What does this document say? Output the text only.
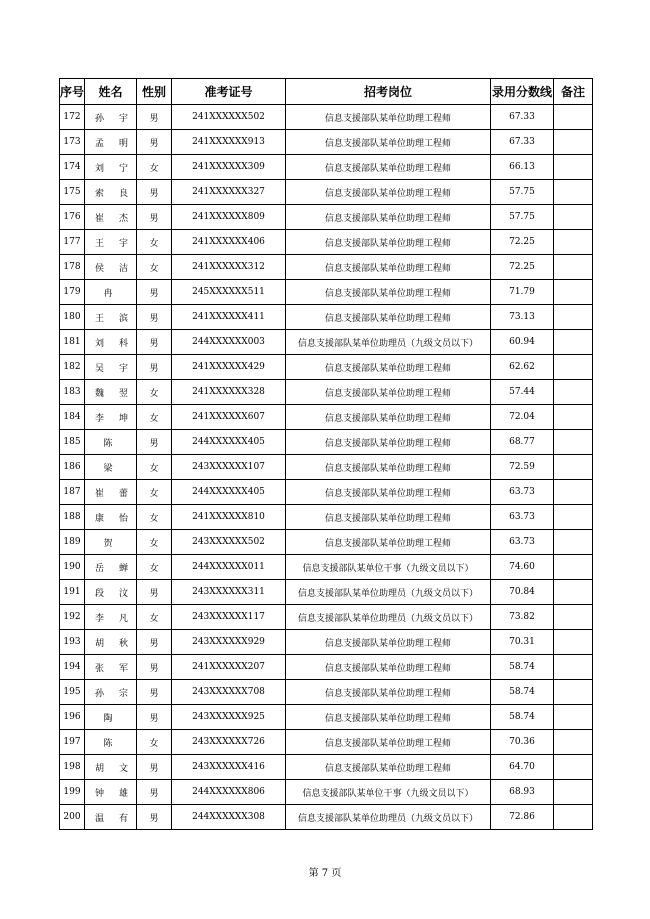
序号	姓名	性别	准考证号	招考岗位	录用分数线	备注
172	孙宇	男	241XXXXXX502	信息支援部队某单位助理工程师	67.33	
173	孟明	男	241XXXXXX913	信息支援部队某单位助理工程师	67.33	
174	刘宁	女	241XXXXXX309	信息支援部队某单位助理工程师	66.13	
175	索良	男	241XXXXXX327	信息支援部队某单位助理工程师	57.75	
176	崔杰	男	241XXXXXX809	信息支援部队某单位助理工程师	57.75	
177	王宇	女	241XXXXXX406	信息支援部队某单位助理工程师	72.25	
178	侯洁	女	241XXXXXX312	信息支援部队某单位助理工程师	72.25	
179	冉	男	245XXXXXX511	信息支援部队某单位助理工程师	71.79	
180	王滨	男	241XXXXXX411	信息支援部队某单位助理工程师	73.13	
181	刘科	男	244XXXXXX003	信息支援部队某单位助理员（九级文员以下）	60.94	
182	吴宇	男	241XXXXXX429	信息支援部队某单位助理工程师	62.62	
183	魏翌	女	241XXXXXX328	信息支援部队某单位助理工程师	57.44	
184	李坤	女	241XXXXXX607	信息支援部队某单位助理工程师	72.04	
185	陈	男	244XXXXXX405	信息支援部队某单位助理工程师	68.77	
186	梁	女	243XXXXXX107	信息支援部队某单位助理工程师	72.59	
187	崔蕾	女	244XXXXXX405	信息支援部队某单位助理工程师	63.73	
188	康怡	女	241XXXXXX810	信息支援部队某单位助理工程师	63.73	
189	贺	女	243XXXXXX502	信息支援部队某单位助理工程师	63.73	
190	岳蝉	女	244XXXXXX011	信息支援部队某单位干事（九级文员以下）	74.60	
191	段汶	男	243XXXXXX311	信息支援部队某单位助理员（九级文员以下）	70.84	
192	李凡	女	243XXXXXX117	信息支援部队某单位助理员（九级文员以下）	73.82	
193	胡秋	男	243XXXXXX929	信息支援部队某单位助理工程师	70.31	
194	张军	男	241XXXXXX207	信息支援部队某单位助理工程师	58.74	
195	孙宗	男	243XXXXXX708	信息支援部队某单位助理工程师	58.74	
196	陶	男	243XXXXXX925	信息支援部队某单位助理工程师	58.74	
197	陈	女	243XXXXXX726	信息支援部队某单位助理工程师	70.36	
198	胡文	男	243XXXXXX416	信息支援部队某单位助理工程师	64.70	
199	钟雄	男	244XXXXXX806	信息支援部队某单位干事（九级文员以下）	68.93	
200	温有	男	244XXXXXX308	信息支援部队某单位助理员（九级文员以下）	72.86	
第 7 页
